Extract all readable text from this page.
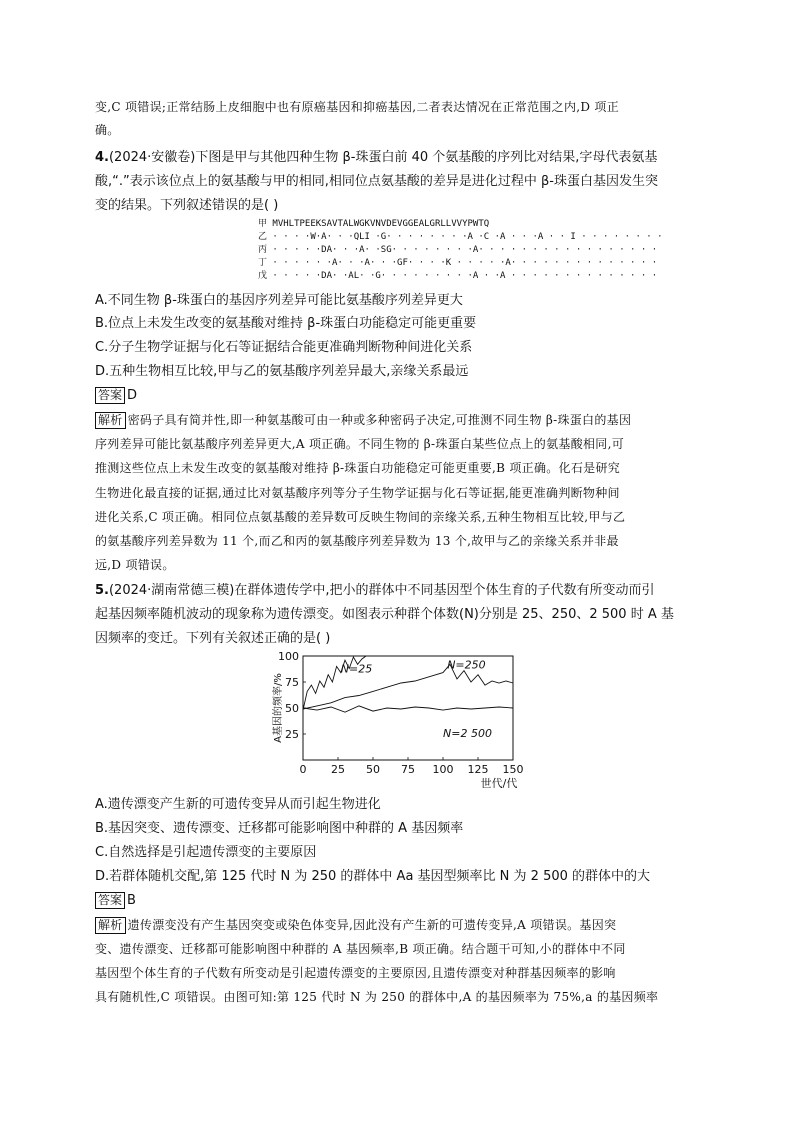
变,C 项错误;正常结肠上皮细胞中也有原癌基因和抑癌基因,二者表达情况在正常范围之内,D 项正
确。
4.(2024·安徽卷)下图是甲与其他四种生物 β-珠蛋白前 40 个氨基酸的序列比对结果,字母代表氨基
酸,“.”表示该位点上的氨基酸与甲的相同,相同位点氨基酸的差异是进化过程中 β-珠蛋白基因发生突
变的结果。下列叙述错误的是( )
甲 MVHLTPEEKSAVTALWGKVNVDEVGGEALGRLLVVYPWTQ
乙 · · · ·W·A· · ·QLI ·G· · · · · · · ·A ·C ·A · · ·A · · I · · · · · · · ·
丙 · · · · ·DA· · ·A· ·SG· · · · · · · ·A· · · · · · · · · · · · · · · · ·
丁 · · · · · ·A· · ·A· · ·GF· · · ·K · · · · ·A· · · · · · · · · · · · · ·
戊 · · · · ·DA· ·AL· ·G· · · · · · · · ·A · ·A · · · · · · · · · · · · · ·
A.不同生物 β-珠蛋白的基因序列差异可能比氨基酸序列差异更大
B.位点上未发生改变的氨基酸对维持 β-珠蛋白功能稳定可能更重要
C.分子生物学证据与化石等证据结合能更准确判断物种间进化关系
D.五种生物相互比较,甲与乙的氨基酸序列差异最大,亲缘关系最远
答案 D
解析 密码子具有简并性,即一种氨基酸可由一种或多种密码子决定,可推测不同生物 β-珠蛋白的基因
序列差异可能比氨基酸序列差异更大,A 项正确。不同生物的 β-珠蛋白某些位点上的氨基酸相同,可
推测这些位点上未发生改变的氨基酸对维持 β-珠蛋白功能稳定可能更重要,B 项正确。化石是研究
生物进化最直接的证据,通过比对氨基酸序列等分子生物学证据与化石等证据,能更准确判断物种间
进化关系,C 项正确。相同位点氨基酸的差异数可反映生物间的亲缘关系,五种生物相互比较,甲与乙
的氨基酸序列差异数为 11 个,而乙和丙的氨基酸序列差异数为 13 个,故甲与乙的亲缘关系并非最
远,D 项错误。
5.(2024·湖南常德三模)在群体遗传学中,把小的群体中不同基因型个体生育的子代数有所变动而引
起基因频率随机波动的现象称为遗传漂变。如图表示种群个体数(N)分别是 25、250、2 500 时 A 基
因频率的变迁。下列有关叙述正确的是( )
0 25 50 75 100 125 150
25
50
75
100
世代/代
A基因的频率/%
N=25	N=250
N=2 500
A.遗传漂变产生新的可遗传变异从而引起生物进化
B.基因突变、遗传漂变、迁移都可能影响图中种群的 A 基因频率
C.自然选择是引起遗传漂变的主要原因
D.若群体随机交配,第 125 代时 N 为 250 的群体中 Aa 基因型频率比 N 为 2 500 的群体中的大
答案 B
解析 遗传漂变没有产生基因突变或染色体变异,因此没有产生新的可遗传变异,A 项错误。基因突
变、遗传漂变、迁移都可能影响图中种群的 A 基因频率,B 项正确。结合题干可知,小的群体中不同
基因型个体生育的子代数有所变动是引起遗传漂变的主要原因,且遗传漂变对种群基因频率的影响
具有随机性,C 项错误。由图可知:第 125 代时 N 为 250 的群体中,A 的基因频率为 75%,a 的基因频率
